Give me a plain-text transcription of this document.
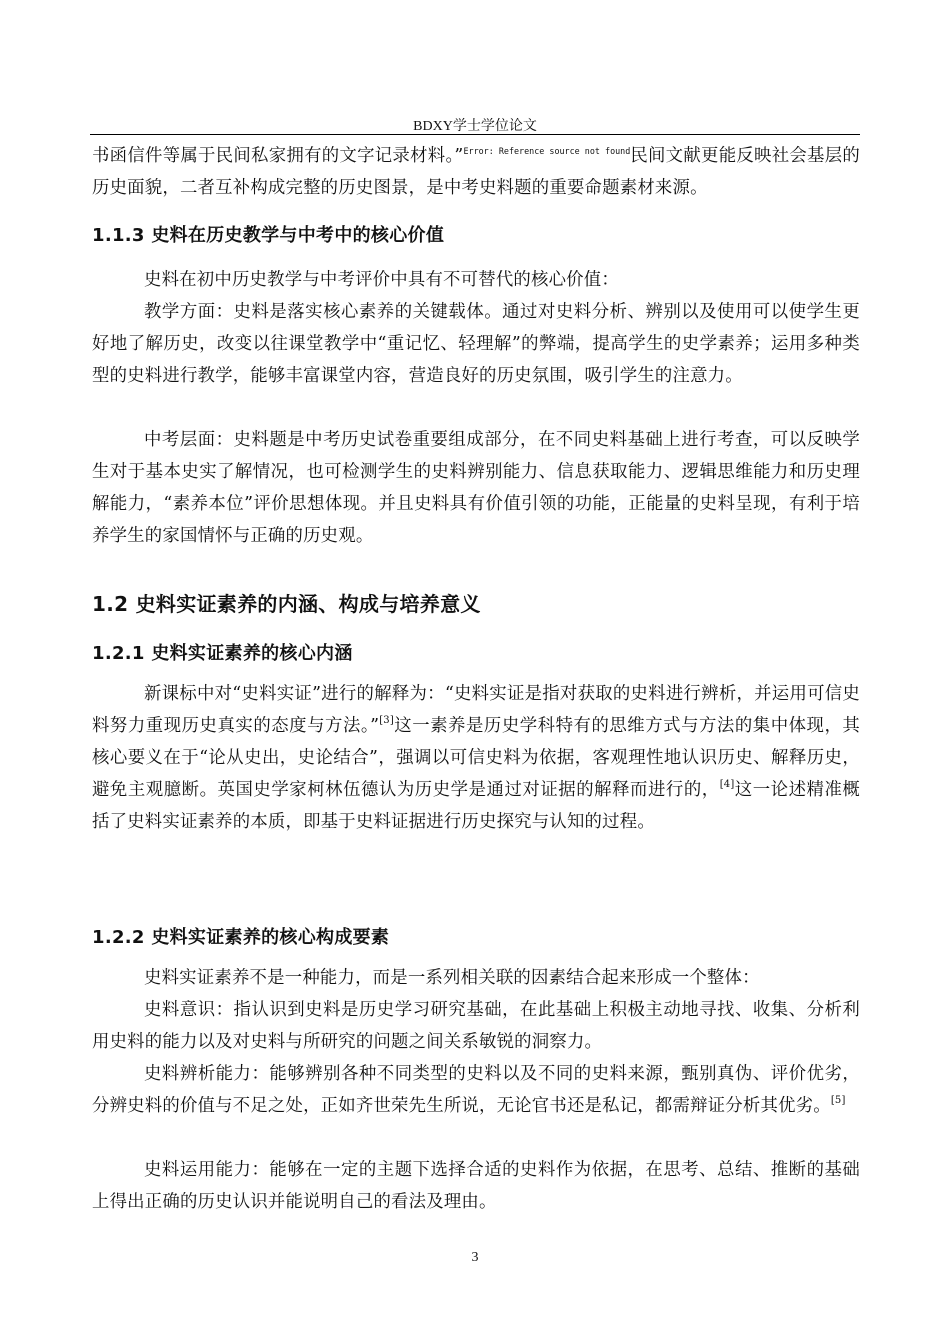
BDXY学士学位论文
书函信件等属于民间私家拥有的文字记录材料。”$^{Error: Reference source not found}$民间文献更能反映社会基层的历史面貌，二者互补构成完整的历史图景，是中考史料题的重要命题素材来源。
1.1.3 史料在历史教学与中考中的核心价值
史料在初中历史教学与中考评价中具有不可替代的核心价值：
教学方面：史料是落实核心素养的关键载体。通过对史料分析、辨别以及使用可以使学生更好地了解历史，改变以往课堂教学中“重记忆、轻理解”的弊端，提高学生的史学素养；运用多种类型的史料进行教学，能够丰富课堂内容，营造良好的历史氛围，吸引学生的注意力。
中考层面：史料题是中考历史试卷重要组成部分，在不同史料基础上进行考查，可以反映学生对于基本史实了解情况，也可检测学生的史料辨别能力、信息获取能力、逻辑思维能力和历史理解能力，“素养本位”评价思想体现。并且史料具有价值引领的功能，正能量的史料呈现，有利于培养学生的家国情怀与正确的历史观。
1.2 史料实证素养的内涵、构成与培养意义
1.2.1 史料实证素养的核心内涵
新课标中对“史料实证”进行的解释为：“史料实证是指对获取的史料进行辨析，并运用可信史料努力重现历史真实的态度与方法。”[3]这一素养是历史学科特有的思维方式与方法的集中体现，其核心要义在于“论从史出，史论结合”，强调以可信史料为依据，客观理性地认识历史、解释历史，避免主观臆断。英国史学家柯林伍德认为历史学是通过对证据的解释而进行的，[4]这一论述精准概括了史料实证素养的本质，即基于史料证据进行历史探究与认知的过程。
1.2.2 史料实证素养的核心构成要素
史料实证素养不是一种能力，而是一系列相关联的因素结合起来形成一个整体：
史料意识：指认识到史料是历史学习研究基础，在此基础上积极主动地寻找、收集、分析利用史料的能力以及对史料与所研究的问题之间关系敏锐的洞察力。
史料辨析能力：能够辨别各种不同类型的史料以及不同的史料来源，甄别真伪、评价优劣，分辨史料的价值与不足之处，正如齐世荣先生所说，无论官书还是私记，都需辩证分析其优劣。[5]
史料运用能力：能够在一定的主题下选择合适的史料作为依据，在思考、总结、推断的基础上得出正确的历史认识并能说明自己的看法及理由。
3
